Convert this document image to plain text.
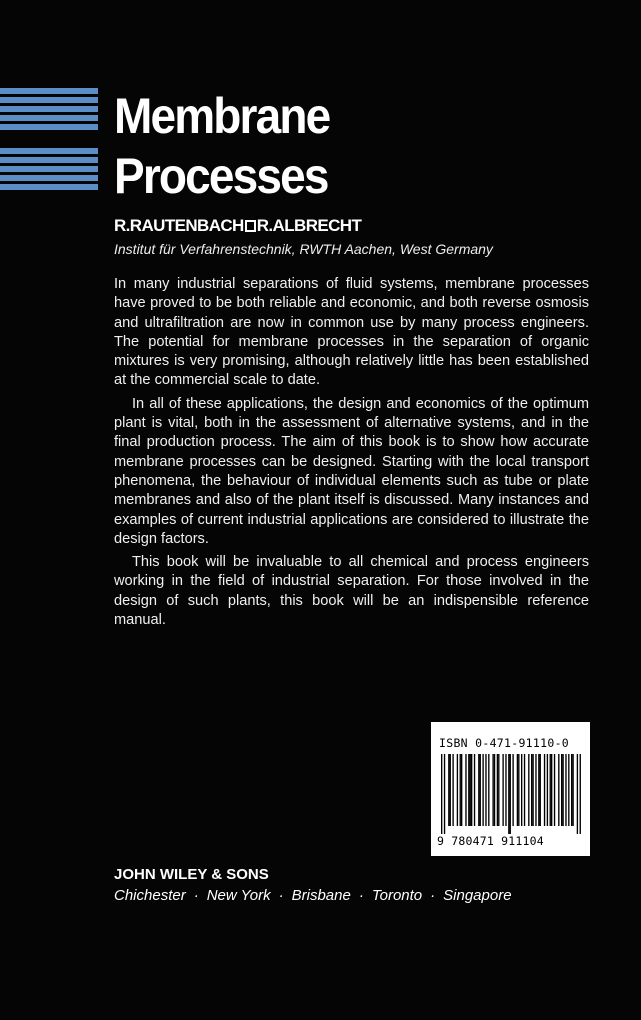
Membrane
Processes
R.RAUTENBACH R.ALBRECHT
Institut für Verfahrenstechnik, RWTH Aachen, West Germany

In many industrial separations of fluid systems, membrane processes have proved to be both reliable and economic, and both reverse osmosis and ultrafiltration are now in common use by many process engineers. The potential for membrane processes in the separation of organic mixtures is very promising, although relatively little has been established at the commercial scale to date.

In all of these applications, the design and economics of the optimum plant is vital, both in the assessment of alternative systems, and in the final production process. The aim of this book is to show how accurate membrane processes can be designed. Starting with the local transport phenomena, the behaviour of individual elements such as tube or plate membranes and also of the plant itself is discussed. Many instances and examples of current industrial applications are considered to illustrate the design factors.

This book will be invaluable to all chemical and process engineers working in the field of industrial separation. For those involved in the design of such plants, this book will be an indispensible reference manual.

ISBN 0-471-91110-0
9 780471 911104
JOHN WILEY & SONS
Chichester · New York · Brisbane · Toronto · Singapore
